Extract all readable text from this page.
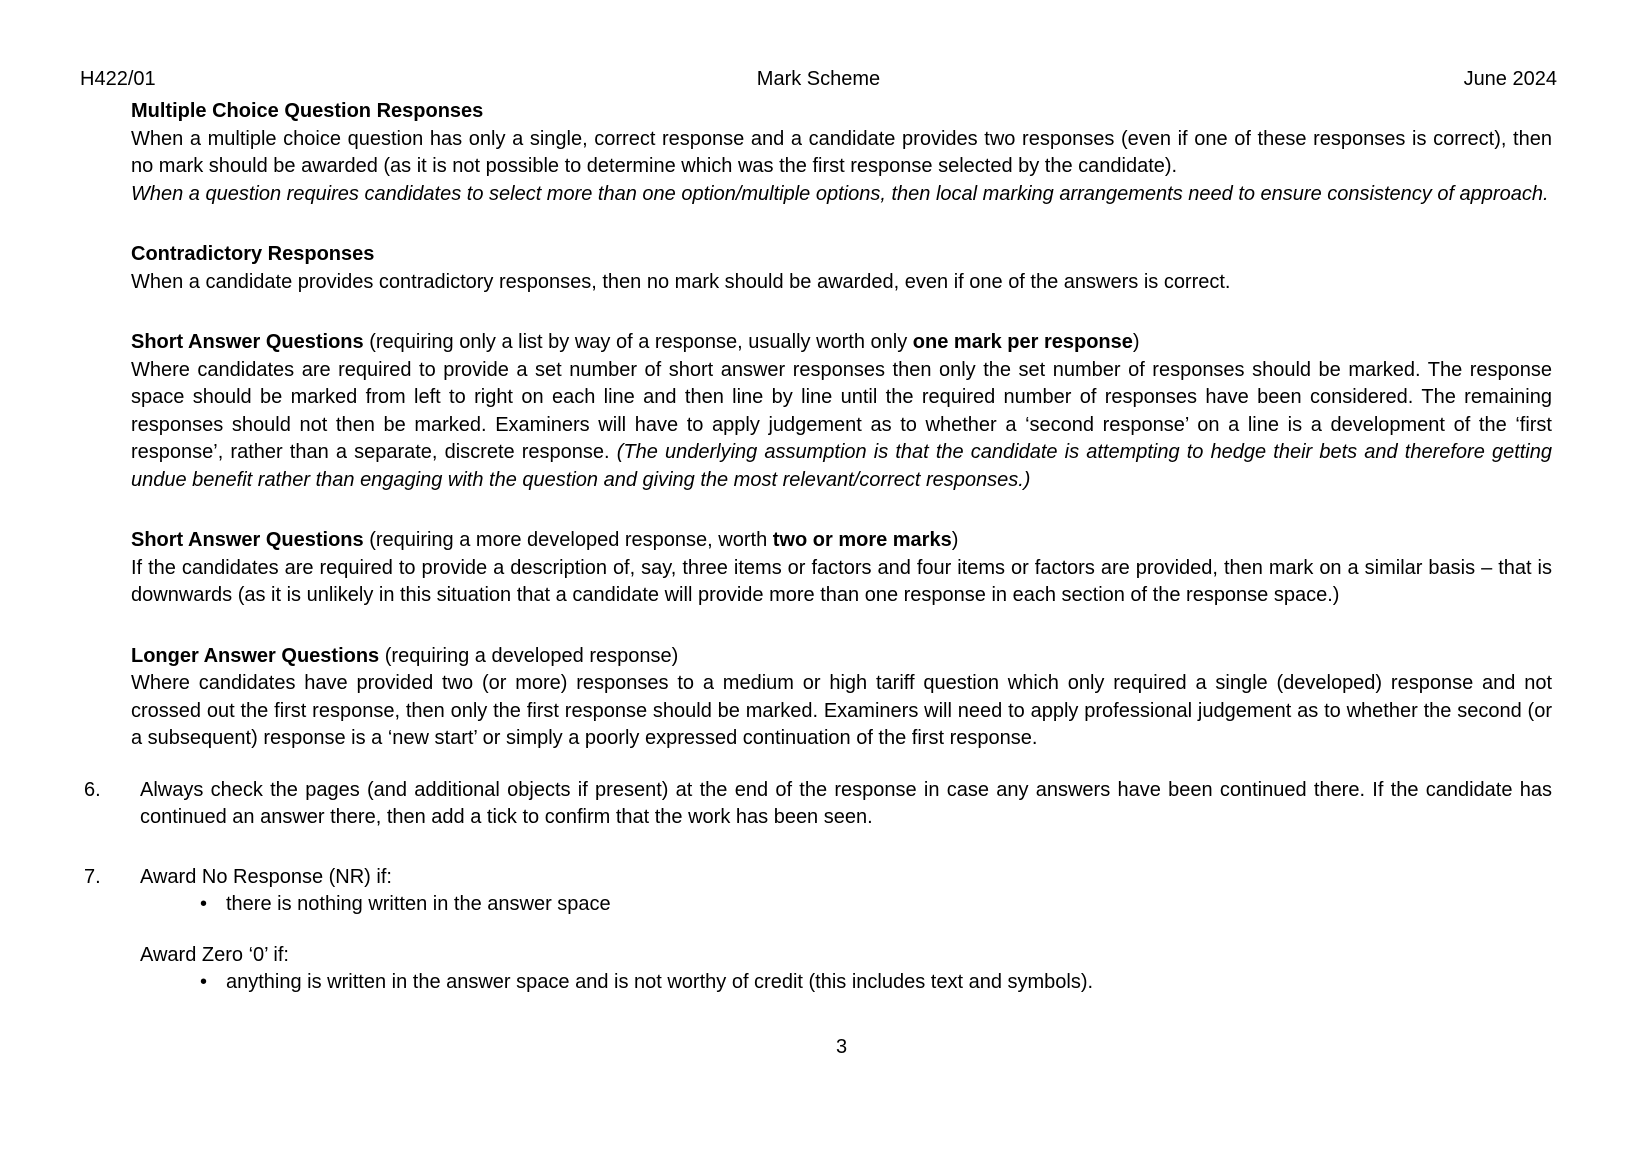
H422/01	Mark Scheme	June 2024
Multiple Choice Question Responses

When a multiple choice question has only a single, correct response and a candidate provides two responses (even if one of these responses is correct), then no mark should be awarded (as it is not possible to determine which was the first response selected by the candidate).

When a question requires candidates to select more than one option/multiple options, then local marking arrangements need to ensure consistency of approach.

Contradictory Responses

When a candidate provides contradictory responses, then no mark should be awarded, even if one of the answers is correct.

Short Answer Questions (requiring only a list by way of a response, usually worth only one mark per response)

Where candidates are required to provide a set number of short answer responses then only the set number of responses should be marked. The response space should be marked from left to right on each line and then line by line until the required number of responses have been considered. The remaining responses should not then be marked. Examiners will have to apply judgement as to whether a ‘second response’ on a line is a development of the ‘first response’, rather than a separate, discrete response. (The underlying assumption is that the candidate is attempting to hedge their bets and therefore getting undue benefit rather than engaging with the question and giving the most relevant/correct responses.)

Short Answer Questions (requiring a more developed response, worth two or more marks)

If the candidates are required to provide a description of, say, three items or factors and four items or factors are provided, then mark on a similar basis – that is downwards (as it is unlikely in this situation that a candidate will provide more than one response in each section of the response space.)

Longer Answer Questions (requiring a developed response)

Where candidates have provided two (or more) responses to a medium or high tariff question which only required a single (developed) response and not crossed out the first response, then only the first response should be marked. Examiners will need to apply professional judgement as to whether the second (or a subsequent) response is a ‘new start’ or simply a poorly expressed continuation of the first response.

6.	Always check the pages (and additional objects if present) at the end of the response in case any answers have been continued there. If the candidate has continued an answer there, then add a tick to confirm that the work has been seen.
7.	Award No Response (NR) if:
• there is nothing written in the answer space
Award Zero ‘0’ if:
• anything is written in the answer space and is not worthy of credit (this includes text and symbols).
3
